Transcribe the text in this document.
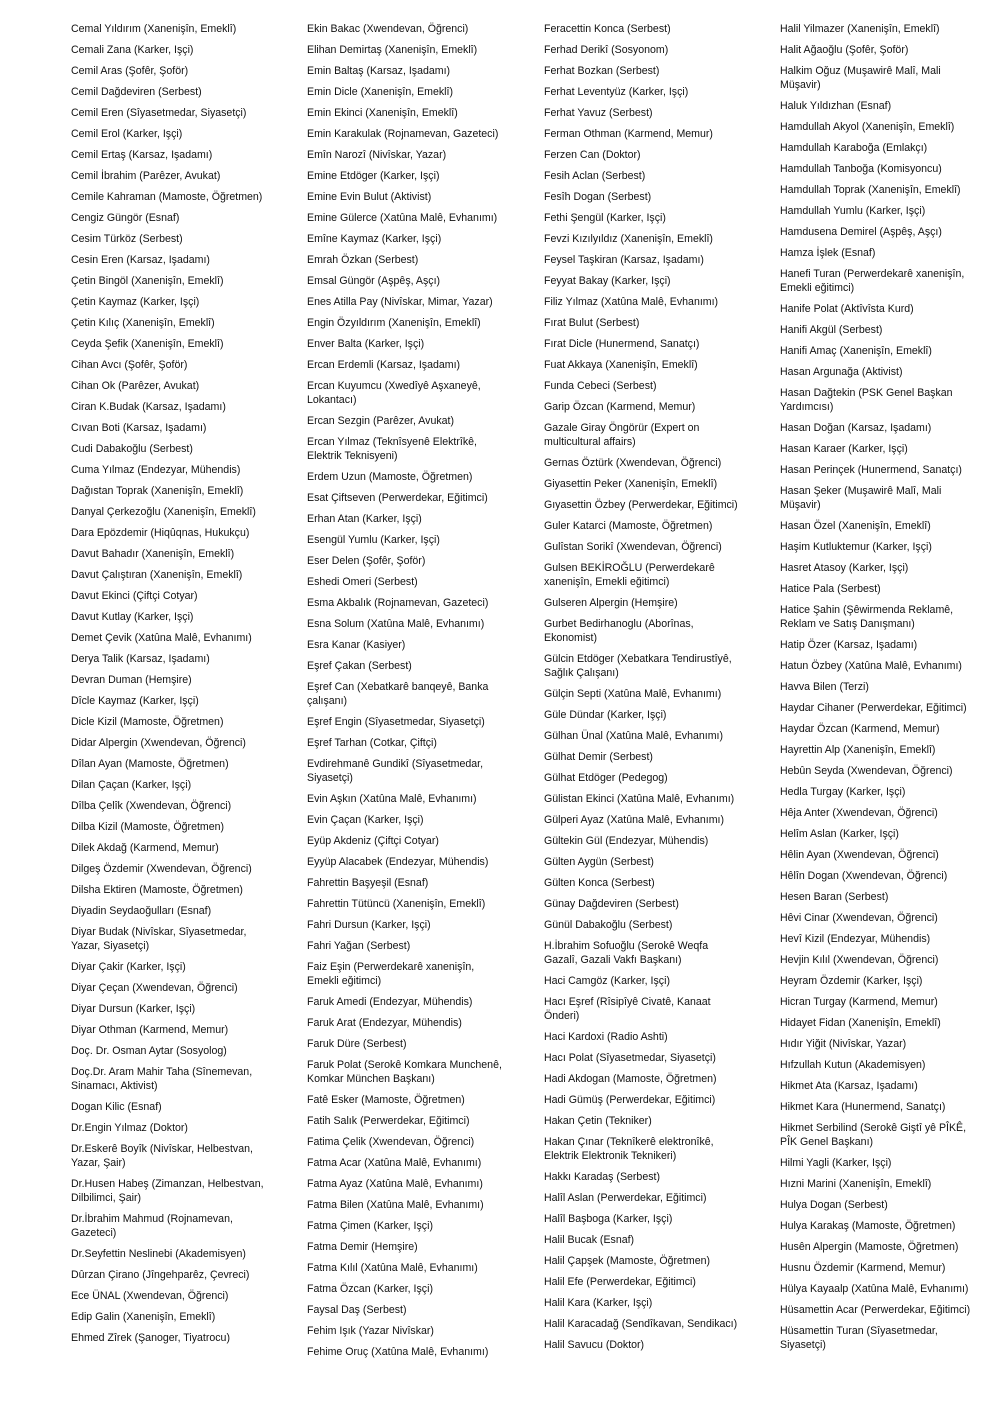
Cemal Yıldırım (Xanenişîn, Emeklî)
Cemali Zana (Karker, Işçi)
Cemil Aras (Şofêr, Şoför)
Cemil Dağdeviren (Serbest)
Cemil Eren (Sîyasetmedar, Siyasetçi)
Cemil Erol (Karker, Işçi)
Cemil Ertaş (Karsaz, Işadamı)
Cemil İbrahim (Parêzer, Avukat)
Cemile Kahraman (Mamoste, Öğretmen)
Cengiz Güngör (Esnaf)
Cesim Türköz (Serbest)
Cesin Eren (Karsaz, Işadamı)
Çetin Bingöl (Xanenişîn, Emeklî)
Çetin Kaymaz (Karker, Işçi)
Çetin Kılıç (Xanenişîn, Emeklî)
Ceyda Şefik (Xanenişîn, Emeklî)
Cihan Avcı (Şofêr, Şoför)
Cihan Ok (Parêzer, Avukat)
Ciran K.Budak (Karsaz, Işadamı)
Cıvan Boti (Karsaz, Işadamı)
Cudi Dabakoğlu (Serbest)
Cuma Yılmaz (Endezyar, Mühendis)
Dağıstan Toprak (Xanenişîn, Emeklî)
Danyal Çerkezoğlu (Xanenişîn, Emeklî)
Dara Epözdemir (Hiqûqnas, Hukukçu)
Davut Bahadır (Xanenişîn, Emeklî)
Davut Çalıştıran (Xanenişîn, Emeklî)
Davut Ekinci (Çiftçi Cotyar)
Davut Kutlay (Karker, Işçi)
Demet Çevik (Xatûna Malê, Evhanımı)
Derya Talik (Karsaz, Işadamı)
Devran Duman (Hemşire)
Dîcle Kaymaz (Karker, Işçi)
Dicle Kizil (Mamoste, Öğretmen)
Didar Alpergin (Xwendevan, Öğrenci)
Dîlan Ayan (Mamoste, Öğretmen)
Dilan Çaçan (Karker, Işçi)
Dîlba Çelîk (Xwendevan, Öğrenci)
Dilba Kizil (Mamoste, Öğretmen)
Dilek Akdağ (Karmend, Memur)
Dilgeş Özdemir (Xwendevan, Öğrenci)
Dilsha Ektiren (Mamoste, Öğretmen)
Diyadin Seydaoğulları (Esnaf)
Diyar Budak (Nivîskar, Sîyasetmedar, Yazar, Siyasetçi)
Diyar Çakir (Karker, Işçi)
Diyar Çeçan (Xwendevan, Öğrenci)
Diyar Dursun (Karker, Işçi)
Diyar Othman (Karmend, Memur)
Doç. Dr. Osman Aytar (Sosyolog)
Doç.Dr. Aram Mahir Taha (Sînemevan, Sinamacı, Aktivist)
Dogan Kilic (Esnaf)
Dr.Engin Yılmaz (Doktor)
Dr.Eskerê Boyîk (Nivîskar, Helbestvan, Yazar, Şair)
Dr.Husen Habeş (Zimanzan, Helbestvan, Dilbilimci, Şair)
Dr.İbrahim Mahmud (Rojnamevan, Gazeteci)
Dr.Seyfettin Neslinebi (Akademisyen)
Dûrzan Çirano (Jîngehparêz, Çevreci)
Ece ÜNAL (Xwendevan, Öğrenci)
Edip Galin (Xanenişîn, Emeklî)
Ehmed Zîrek (Şanoger, Tiyatrocu)
Ekin Bakac (Xwendevan, Öğrenci)
Elihan Demirtaş (Xanenişîn, Emeklî)
Emin Baltaş (Karsaz, Işadamı)
Emin Dicle (Xanenişîn, Emeklî)
Emin Ekinci (Xanenişîn, Emeklî)
Emin Karakulak (Rojnamevan, Gazeteci)
Emîn Narozî (Nivîskar, Yazar)
Emine Etdöger (Karker, Işçi)
Emine Evin Bulut (Aktivist)
Emine Gülerce (Xatûna Malê, Evhanımı)
Emîne Kaymaz (Karker, Işçi)
Emrah Özkan (Serbest)
Emsal Güngör (Aşpêş, Aşçı)
Enes Atilla Pay (Nivîskar, Mimar, Yazar)
Engin Özyıldırım (Xanenişîn, Emeklî)
Enver Balta (Karker, Işçi)
Ercan Erdemli (Karsaz, Işadamı)
Ercan Kuyumcu (Xwedîyê Aşxaneyê, Lokantacı)
Ercan Sezgin (Parêzer, Avukat)
Ercan Yılmaz (Teknîsyenê Elektrîkê, Elektrik Teknisyeni)
Erdem Uzun (Mamoste, Öğretmen)
Esat Çiftseven (Perwerdekar, Eğitimci)
Erhan Atan (Karker, Işçi)
Esengül Yumlu (Karker, Işçi)
Eser Delen (Şofêr, Şoför)
Eshedi Omeri (Serbest)
Esma Akbalık (Rojnamevan, Gazeteci)
Esna Solum (Xatûna Malê, Evhanımı)
Esra Kanar (Kasiyer)
Eşref Çakan (Serbest)
Eşref Can (Xebatkarê banqeyê, Banka çalışanı)
Eşref Engin (Sîyasetmedar, Siyasetçi)
Eşref Tarhan (Cotkar, Çiftçi)
Evdirehmanê Gundikî (Sîyasetmedar, Siyasetçi)
Evin Aşkın (Xatûna Malê, Evhanımı)
Evin Çaçan (Karker, Işçi)
Eyüp Akdeniz (Çiftçi Cotyar)
Eyyüp Alacabek (Endezyar, Mühendis)
Fahrettin Başyeşil (Esnaf)
Fahrettin Tütüncü (Xanenişîn, Emeklî)
Fahri Dursun (Karker, Işçi)
Fahri Yağan (Serbest)
Faiz Eşin (Perwerdekarê xanenişîn, Emekli eğitimci)
Faruk Amedi (Endezyar, Mühendis)
Faruk Arat (Endezyar, Mühendis)
Faruk Düre (Serbest)
Faruk Polat (Serokê Komkara Munchenê, Komkar München Başkanı)
Fatê Esker (Mamoste, Öğretmen)
Fatih Salık (Perwerdekar, Eğitimci)
Fatima Çelik (Xwendevan, Öğrenci)
Fatma Acar (Xatûna Malê, Evhanımı)
Fatma Ayaz (Xatûna Malê, Evhanımı)
Fatma Bilen (Xatûna Malê, Evhanımı)
Fatma Çimen (Karker, Işçi)
Fatma Demir (Hemşire)
Fatma Kılıl (Xatûna Malê, Evhanımı)
Fatma Özcan (Karker, Işçi)
Faysal Daş (Serbest)
Fehim Işık (Yazar Nivîskar)
Fehime Oruç (Xatûna Malê, Evhanımı)
Feracettin Konca (Serbest)
Ferhad Derikî (Sosyonom)
Ferhat Bozkan (Serbest)
Ferhat Leventyüz (Karker, Işçi)
Ferhat Yavuz (Serbest)
Ferman Othman (Karmend, Memur)
Ferzen Can (Doktor)
Fesih Aclan (Serbest)
Fesîh Dogan (Serbest)
Fethi Şengül (Karker, Işçi)
Fevzi Kızılyıldız (Xanenişîn, Emeklî)
Feysel Taşkiran (Karsaz, Işadamı)
Feyyat Bakay (Karker, Işçi)
Filiz Yılmaz (Xatûna Malê, Evhanımı)
Fırat Bulut (Serbest)
Fırat Dicle (Hunermend, Sanatçı)
Fuat Akkaya (Xanenişîn, Emeklî)
Funda Cebeci (Serbest)
Garip Özcan (Karmend, Memur)
Gazale Giray Öngörür (Expert on multicultural affairs)
Gernas Öztürk (Xwendevan, Öğrenci)
Giyasettin Peker (Xanenişîn, Emeklî)
Gıyasettin Özbey (Perwerdekar, Eğitimci)
Guler Katarci (Mamoste, Öğretmen)
Gulîstan Sorikî (Xwendevan, Öğrenci)
Gulsen BEKİROĞLU (Perwerdekarê xanenişîn, Emekli eğitimci)
Gulseren Alpergin (Hemşire)
Gurbet Bedirhanoglu (Aborînas, Ekonomist)
Gülcin Etdöger (Xebatkara Tendirustîyê, Sağlık Çalışanı)
Gülçin Septi (Xatûna Malê, Evhanımı)
Güle Dündar (Karker, Işçi)
Gülhan Ünal (Xatûna Malê, Evhanımı)
Gülhat Demir (Serbest)
Gülhat Etdöger (Pedegog)
Gülistan Ekinci (Xatûna Malê, Evhanımı)
Gülperi Ayaz (Xatûna Malê, Evhanımı)
Gültekin Gül (Endezyar, Mühendis)
Gülten Aygün (Serbest)
Gülten Konca (Serbest)
Günay Dağdeviren (Serbest)
Günül Dabakoğlu (Serbest)
H.İbrahim Sofuoğlu (Serokê Weqfa Gazalî, Gazali Vakfı Başkanı)
Haci Camgöz (Karker, Işçi)
Hacı Eşref (Rîsipîyê Civatê, Kanaat Önderi)
Haci Kardoxi (Radio Ashti)
Hacı Polat (Sîyasetmedar, Siyasetçi)
Hadi Akdogan (Mamoste, Öğretmen)
Hadi Gümüş (Perwerdekar, Eğitimci)
Hakan Çetin (Tekniker)
Hakan Çınar (Teknîkerê elektronîkê, Elektrik Elektronik Teknikeri)
Hakkı Karadaş (Serbest)
Halîl Aslan (Perwerdekar, Eğitimci)
Halîl Başboga (Karker, Işçi)
Halil Bucak (Esnaf)
Halil Çapşek (Mamoste, Öğretmen)
Halil Efe (Perwerdekar, Eğitimci)
Halil Kara (Karker, Işçi)
Halil Karacadağ (Sendîkavan, Sendikacı)
Halil Savucu (Doktor)
Halil Yilmazer (Xanenişîn, Emeklî)
Halit Ağaoğlu (Şofêr, Şoför)
Halkim Oğuz (Muşawirê Malî, Mali Müşavir)
Haluk Yıldızhan (Esnaf)
Hamdullah Akyol (Xanenişîn, Emeklî)
Hamdullah Karaboğa (Emlakçı)
Hamdullah Tanboğa (Komisyoncu)
Hamdullah Toprak (Xanenişîn, Emeklî)
Hamdullah Yumlu (Karker, Işçi)
Hamdusena Demirel (Aşpêş, Aşçı)
Hamza İşlek (Esnaf)
Hanefi Turan (Perwerdekarê xanenişîn, Emekli eğitimci)
Hanife Polat (Aktîvîsta Kurd)
Hanifi Akgül (Serbest)
Hanifi Amaç (Xanenişîn, Emeklî)
Hasan Argunağa (Aktivist)
Hasan Dağtekin (PSK Genel Başkan Yardımcısı)
Hasan Doğan (Karsaz, Işadamı)
Hasan Karaer (Karker, Işçi)
Hasan Perinçek (Hunermend, Sanatçı)
Hasan Şeker (Muşawirê Malî, Mali Müşavir)
Hasan Özel (Xanenişîn, Emeklî)
Haşim Kutluktemur (Karker, Işçi)
Hasret Atasoy (Karker, Işçi)
Hatice Pala (Serbest)
Hatice Şahin (Şêwirmenda Reklamê, Reklam ve Satış Danışmanı)
Hatip Özer (Karsaz, Işadamı)
Hatun Özbey (Xatûna Malê, Evhanımı)
Havva Bilen (Terzi)
Haydar Cihaner (Perwerdekar, Eğitimci)
Haydar Özcan (Karmend, Memur)
Hayrettin Alp (Xanenişîn, Emeklî)
Hebûn Seyda (Xwendevan, Öğrenci)
Hedla Turgay (Karker, Işçi)
Hêja Anter (Xwendevan, Öğrenci)
Helîm Aslan (Karker, Işçi)
Hêlin Ayan (Xwendevan, Öğrenci)
Hêlîn Dogan (Xwendevan, Öğrenci)
Hesen Baran (Serbest)
Hêvi Cinar (Xwendevan, Öğrenci)
Hevî Kizil (Endezyar, Mühendis)
Hevjin Kılıl (Xwendevan, Öğrenci)
Heyram Özdemir (Karker, Işçi)
Hicran Turgay (Karmend, Memur)
Hidayet Fidan (Xanenişîn, Emeklî)
Hıdır Yiğit (Nivîskar, Yazar)
Hıfzullah Kutun (Akademisyen)
Hikmet Ata (Karsaz, Işadamı)
Hikmet Kara (Hunermend, Sanatçı)
Hikmet Serbilind (Serokê Giştî yê PÎKÊ, PÎK Genel Başkanı)
Hilmi Yagli (Karker, Işçi)
Hızni Marini (Xanenişîn, Emeklî)
Hulya Dogan (Serbest)
Hulya Karakaş (Mamoste, Öğretmen)
Husên Alpergin (Mamoste, Öğretmen)
Husnu Özdemir (Karmend, Memur)
Hülya Kayaalp (Xatûna Malê, Evhanımı)
Hüsamettin Acar (Perwerdekar, Eğitimci)
Hüsamettin Turan (Sîyasetmedar, Siyasetçi)
